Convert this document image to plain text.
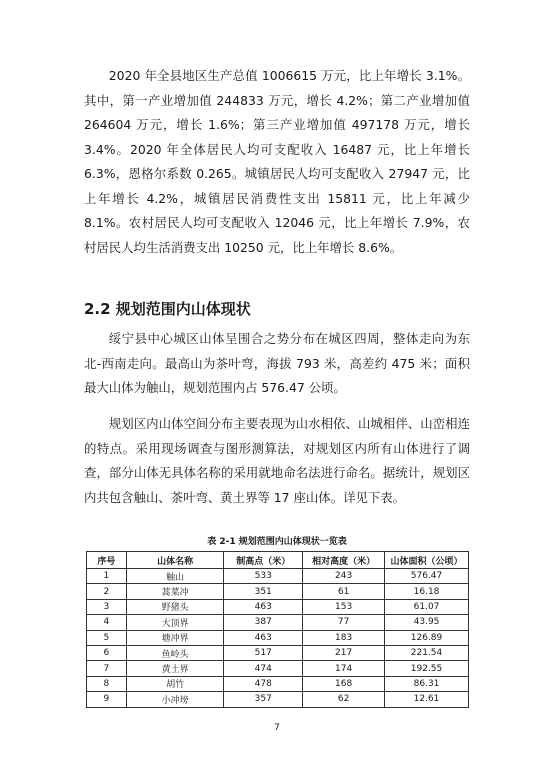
2020 年全县地区生产总值 1006615 万元，比上年增长 3.1%。其中，第一产业增加值 244833 万元，增长 4.2%；第二产业增加值 264604 万元，增长 1.6%；第三产业增加值 497178 万元，增长 3.4%。2020 年全体居民人均可支配收入 16487 元，比上年增长 6.3%，恩格尔系数 0.265。城镇居民人均可支配收入 27947 元，比上年增长 4.2%，城镇居民消费性支出 15811 元，比上年减少 8.1%。农村居民人均可支配收入 12046 元，比上年增长 7.9%，农村居民人均生活消费支出 10250 元，比上年增长 8.6%。

2.2 规划范围内山体现状

绥宁县中心城区山体呈围合之势分布在城区四周，整体走向为东北-西南走向。最高山为茶叶弯，海拔 793 米，高差约 475 米；面积最大山体为触山，规划范围内占 576.47 公顷。

规划区内山体空间分布主要表现为山水相依、山城相伴、山峦相连的特点。采用现场调查与图形测算法，对规划区内所有山体进行了调查，部分山体无具体名称的采用就地命名法进行命名。据统计，规划区内共包含触山、茶叶弯、黄土界等 17 座山体。详见下表。

表 2-1 规划范围内山体现状一览表
序号	山体名称	制高点（米）	相对高度（米）	山体面积（公顷）
1	触山	533	243	576.47
2	蒿菜冲	351	61	16.18
3	野猪头	463	153	61.07
4	大顶界	387	77	43.95
5	塘冲界	463	183	126.89
6	鱼岭头	517	217	221.54
7	黄土界	474	174	192.55
8	胡竹	478	168	86.31
9	小冲塝	357	62	12.61
7
